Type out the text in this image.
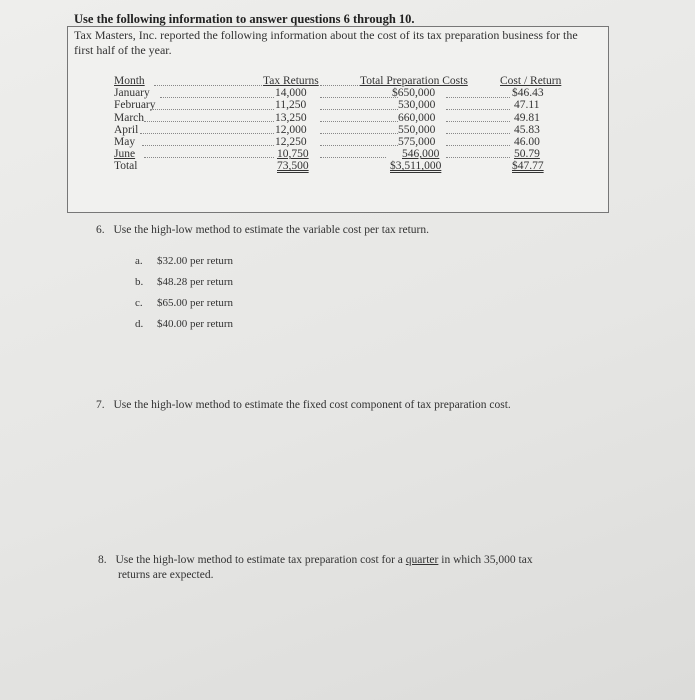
Use the following information to answer questions 6 through 10.
Tax Masters, Inc. reported the following information about the cost of its tax preparation business for the first half of the year.
Month
January
February
March
April
May
June
Total
Tax Returns
14,000
11,250
13,250
12,000
12,250
10,750
73,500
Total Preparation Costs
$650,000
530,000
660,000
550,000
575,000
546,000
$3,511,000
Cost / Return
$46.43
47.11
49.81
45.83
46.00
50.79
$47.77
6. Use the high-low method to estimate the variable cost per tax return.
a. $32.00 per return
b. $48.28 per return
c. $65.00 per return
d. $40.00 per return
7. Use the high-low method to estimate the fixed cost component of tax preparation cost.
8. Use the high-low method to estimate tax preparation cost for a quarter in which 35,000 tax
returns are expected.
